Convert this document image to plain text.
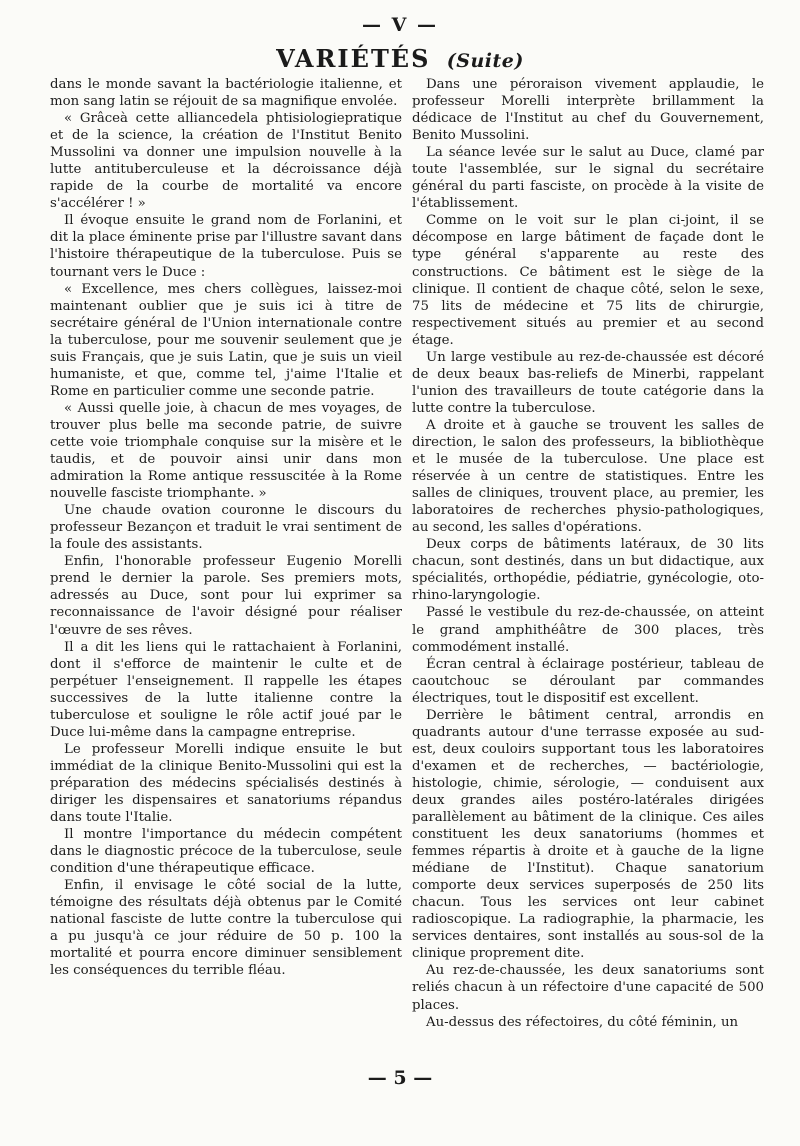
— V —
VARIÉTÉS (Suite)

dans le monde savant la bactériologie italienne, et mon sang latin se réjouit de sa magnifique envolée.

« Grâceà cette alliancedela phtisiologiepratique et de la science, la création de l'Institut Benito Mussolini va donner une impulsion nouvelle à la lutte antituberculeuse et la décroissance déjà rapide de la courbe de mortalité va encore s'accélérer ! »

Il évoque ensuite le grand nom de Forlanini, et dit la place éminente prise par l'illustre savant dans l'histoire thérapeutique de la tuberculose. Puis se tournant vers le Duce :

« Excellence, mes chers collègues, laissez-moi maintenant oublier que je suis ici à titre de secrétaire général de l'Union internationale contre la tuberculose, pour me souvenir seulement que je suis Français, que je suis Latin, que je suis un vieil humaniste, et que, comme tel, j'aime l'Italie et Rome en particulier comme une seconde patrie.

« Aussi quelle joie, à chacun de mes voyages, de trouver plus belle ma seconde patrie, de suivre cette voie triomphale conquise sur la misère et le taudis, et de pouvoir ainsi unir dans mon admiration la Rome antique ressuscitée à la Rome nouvelle fasciste triomphante. »

Une chaude ovation couronne le discours du professeur Bezançon et traduit le vrai sentiment de la foule des assistants.

Enfin, l'honorable professeur Eugenio Morelli prend le dernier la parole. Ses premiers mots, adressés au Duce, sont pour lui exprimer sa reconnaissance de l'avoir désigné pour réaliser l'œuvre de ses rêves.

Il a dit les liens qui le rattachaient à Forlanini, dont il s'efforce de maintenir le culte et de perpétuer l'enseignement. Il rappelle les étapes successives de la lutte italienne contre la tuberculose et souligne le rôle actif joué par le Duce lui-même dans la campagne entreprise.

Le professeur Morelli indique ensuite le but immédiat de la clinique Benito-Mussolini qui est la préparation des médecins spécialisés destinés à diriger les dispensaires et sanatoriums répandus dans toute l'Italie.

Il montre l'importance du médecin compétent dans le diagnostic précoce de la tuberculose, seule condition d'une thérapeutique efficace.

Enfin, il envisage le côté social de la lutte, témoigne des résultats déjà obtenus par le Comité national fasciste de lutte contre la tuberculose qui a pu jusqu'à ce jour réduire de 50 p. 100 la mortalité et pourra encore diminuer sensiblement les conséquences du terrible fléau.

Dans une péroraison vivement applaudie, le professeur Morelli interprète brillamment la dédicace de l'Institut au chef du Gouvernement, Benito Mussolini.

La séance levée sur le salut au Duce, clamé par toute l'assemblée, sur le signal du secrétaire général du parti fasciste, on procède à la visite de l'établissement.

Comme on le voit sur le plan ci-joint, il se décompose en large bâtiment de façade dont le type général s'apparente au reste des constructions. Ce bâtiment est le siège de la clinique. Il contient de chaque côté, selon le sexe, 75 lits de médecine et 75 lits de chirurgie, respectivement situés au premier et au second étage.

Un large vestibule au rez-de-chaussée est décoré de deux beaux bas-reliefs de Minerbi, rappelant l'union des travailleurs de toute catégorie dans la lutte contre la tuberculose.

A droite et à gauche se trouvent les salles de direction, le salon des professeurs, la bibliothèque et le musée de la tuberculose. Une place est réservée à un centre de statistiques. Entre les salles de cliniques, trouvent place, au premier, les laboratoires de recherches physio-pathologiques, au second, les salles d'opérations.

Deux corps de bâtiments latéraux, de 30 lits chacun, sont destinés, dans un but didactique, aux spécialités, orthopédie, pédiatrie, gynécologie, oto-rhino-laryngologie.

Passé le vestibule du rez-de-chaussée, on atteint le grand amphithéâtre de 300 places, très commodément installé.

Écran central à éclairage postérieur, tableau de caoutchouc se déroulant par commandes électriques, tout le dispositif est excellent.

Derrière le bâtiment central, arrondis en quadrants autour d'une terrasse exposée au sud-est, deux couloirs supportant tous les laboratoires d'examen et de recherches, — bactériologie, histologie, chimie, sérologie, — conduisent aux deux grandes ailes postéro-latérales dirigées parallèlement au bâtiment de la clinique. Ces ailes constituent les deux sanatoriums (hommes et femmes répartis à droite et à gauche de la ligne médiane de l'Institut). Chaque sanatorium comporte deux services superposés de 250 lits chacun. Tous les services ont leur cabinet radioscopique. La radiographie, la pharmacie, les services dentaires, sont installés au sous-sol de la clinique proprement dite.

Au rez-de-chaussée, les deux sanatoriums sont reliés chacun à un réfectoire d'une capacité de 500 places.

Au-dessus des réfectoires, du côté féminin, un

— 5 —
